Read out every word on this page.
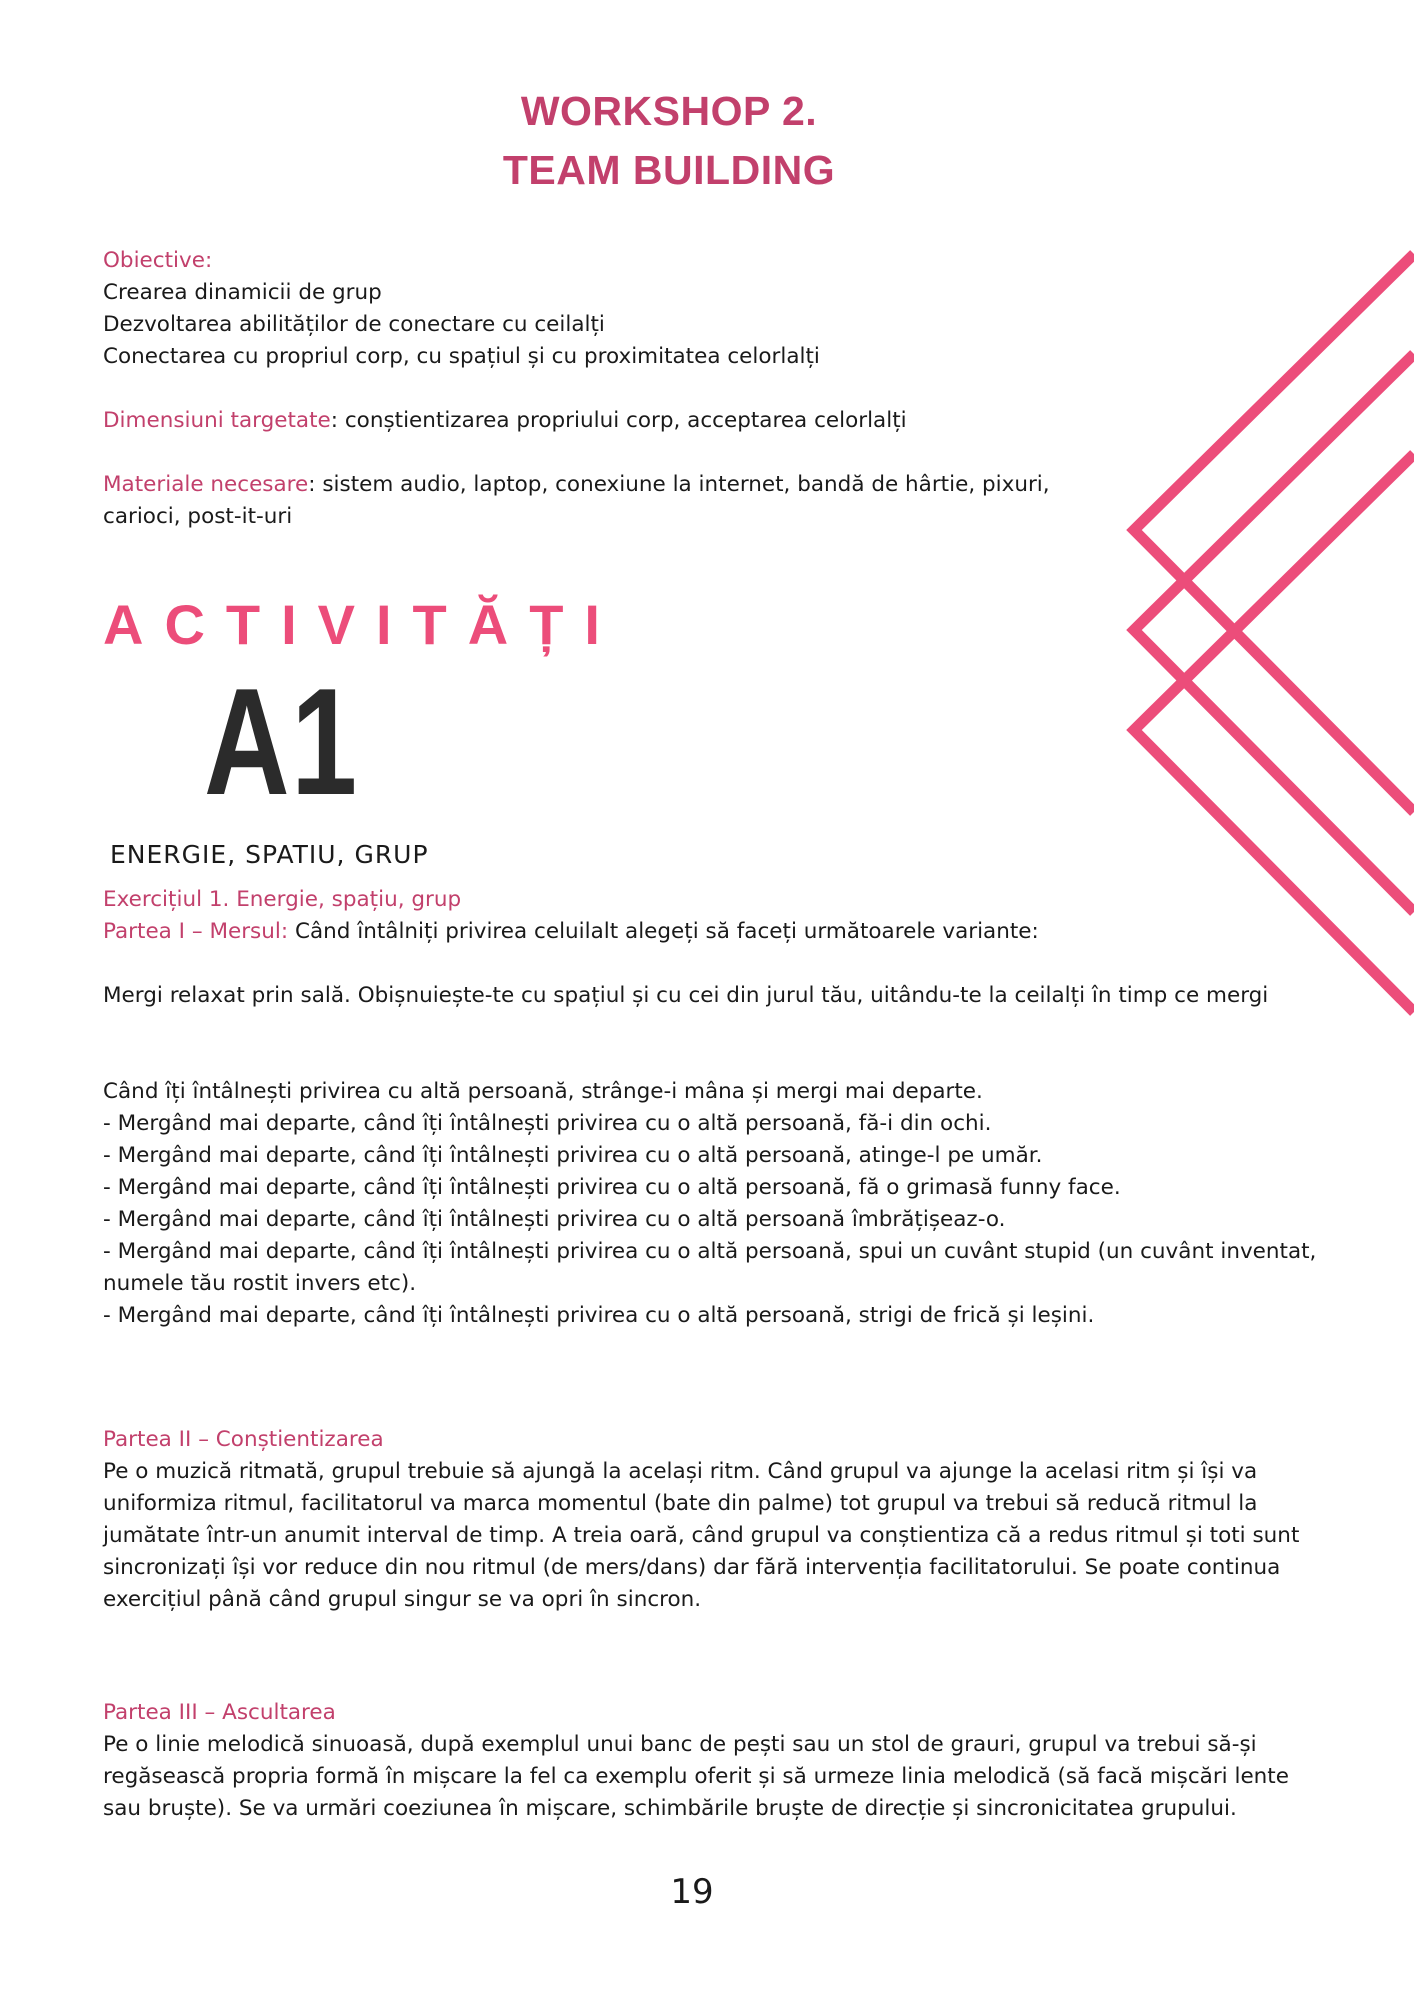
WORKSHOP 2.
TEAM BUILDING
Obiective:
Crearea dinamicii de grup
Dezvoltarea abilităților de conectare cu ceilalți
Conectarea cu propriul corp, cu spațiul și cu proximitatea celorlalți
Dimensiuni targetate: conștientizarea propriului corp, acceptarea celorlalți
Materiale necesare: sistem audio, laptop, conexiune la internet, bandă de hârtie, pixuri, carioci, post-it-uri
ACTIVITĂȚI
A1
ENERGIE, SPATIU, GRUP
Exercițiul 1. Energie, spațiu, grup
Partea I – Mersul: Când întâlniți privirea celuilalt alegeți să faceți următoarele variante:
Mergi relaxat prin sală. Obișnuiește-te cu spațiul și cu cei din jurul tău, uitându-te la ceilalți în timp ce mergi
Când îți întâlnești privirea cu altă persoană, strânge-i mâna și mergi mai departe.
- Mergând mai departe, când îți întâlnești privirea cu o altă persoană, fă-i din ochi.
- Mergând mai departe, când îți întâlnești privirea cu o altă persoană, atinge-l pe umăr.
- Mergând mai departe, când îți întâlnești privirea cu o altă persoană, fă o grimasă funny face.
- Mergând mai departe, când îți întâlnești privirea cu o altă persoană îmbrățișeaz-o.
- Mergând mai departe, când îți întâlnești privirea cu o altă persoană, spui un cuvânt stupid (un cuvânt inventat, numele tău rostit invers etc).
- Mergând mai departe, când îți întâlnești privirea cu o altă persoană, strigi de frică și leșini.
Partea II – Conștientizarea
Pe o muzică ritmată, grupul trebuie să ajungă la același ritm. Când grupul va ajunge la acelasi ritm și își va uniformiza ritmul, facilitatorul va marca momentul (bate din palme) tot grupul va trebui să reducă ritmul la jumătate într-un anumit interval de timp. A treia oară, când grupul va conștientiza că a redus ritmul și toti sunt sincronizați își vor reduce din nou ritmul (de mers/dans) dar fără intervenția facilitatorului. Se poate continua exercițiul până când grupul singur se va opri în sincron.
Partea III – Ascultarea
Pe o linie melodică sinuoasă, după exemplul unui banc de pești sau un stol de grauri, grupul va trebui să-și regăsească propria formă în mișcare la fel ca exemplu oferit și să urmeze linia melodică (să facă mișcări lente sau bruște). Se va urmări coeziunea în mișcare, schimbările bruște de direcție și sincronicitatea grupului.
19
